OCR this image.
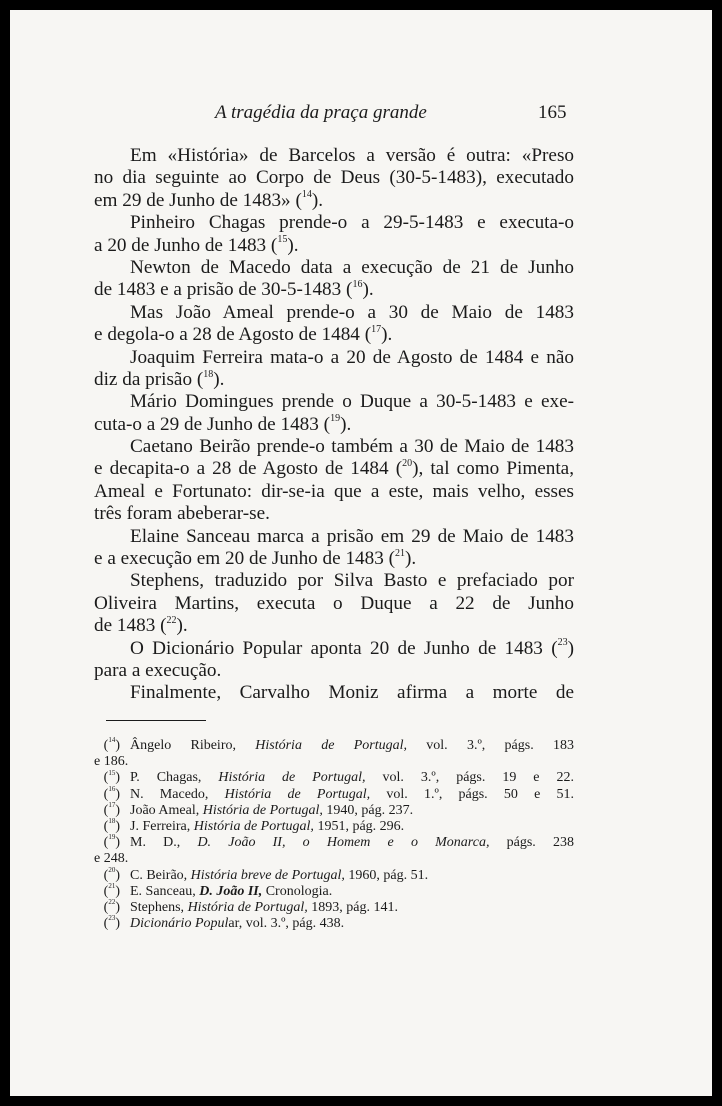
A tragédia da praça grande	165
Em «História» de Barcelos a versão é outra: «Preso
no dia seguinte ao Corpo de Deus (30-5-1483), executado
em 29 de Junho de 1483» ($^{14}$).
Pinheiro Chagas prende-o a 29-5-1483 e executa-o
a 20 de Junho de 1483 ($^{15}$).
Newton de Macedo data a execução de 21 de Junho
de 1483 e a prisão de 30-5-1483 ($^{16}$).
Mas João Ameal prende-o a 30 de Maio de 1483
e degola-o a 28 de Agosto de 1484 ($^{17}$).
Joaquim Ferreira mata-o a 20 de Agosto de 1484 e não
diz da prisão ($^{18}$).
Mário Domingues prende o Duque a 30-5-1483 e exe-
cuta-o a 29 de Junho de 1483 ($^{19}$).
Caetano Beirão prende-o também a 30 de Maio de 1483
e decapita-o a 28 de Agosto de 1484 ($^{20}$), tal como Pimenta,
Ameal e Fortunato: dir-se-ia que a este, mais velho, esses
três foram abeberar-se.
Elaine Sanceau marca a prisão em 29 de Maio de 1483
e a execução em 20 de Junho de 1483 ($^{21}$).
Stephens, traduzido por Silva Basto e prefaciado por
Oliveira Martins, executa o Duque a 22 de Junho
de 1483 ($^{22}$).
O Dicionário Popular aponta 20 de Junho de 1483 ($^{23}$)
para a execução.
Finalmente, Carvalho Moniz afirma a morte de
($^{14}$) Ângelo Ribeiro, História de Portugal, vol. 3.º, págs. 183
e 186.
($^{15}$) P. Chagas, História de Portugal, vol. 3.º, págs. 19 e 22.
($^{16}$) N. Macedo, História de Portugal, vol. 1.º, págs. 50 e 51.
($^{17}$) João Ameal, História de Portugal, 1940, pág. 237.
($^{18}$) J. Ferreira, História de Portugal, 1951, pág. 296.
($^{19}$) M. D., D. João II, o Homem e o Monarca, págs. 238
e 248.
($^{20}$) C. Beirão, História breve de Portugal, 1960, pág. 51.
($^{21}$) E. Sanceau, D. João II, Cronologia.
($^{22}$) Stephens, História de Portugal, 1893, pág. 141.
($^{23}$) Dicionário Popular, vol. 3.º, pág. 438.
